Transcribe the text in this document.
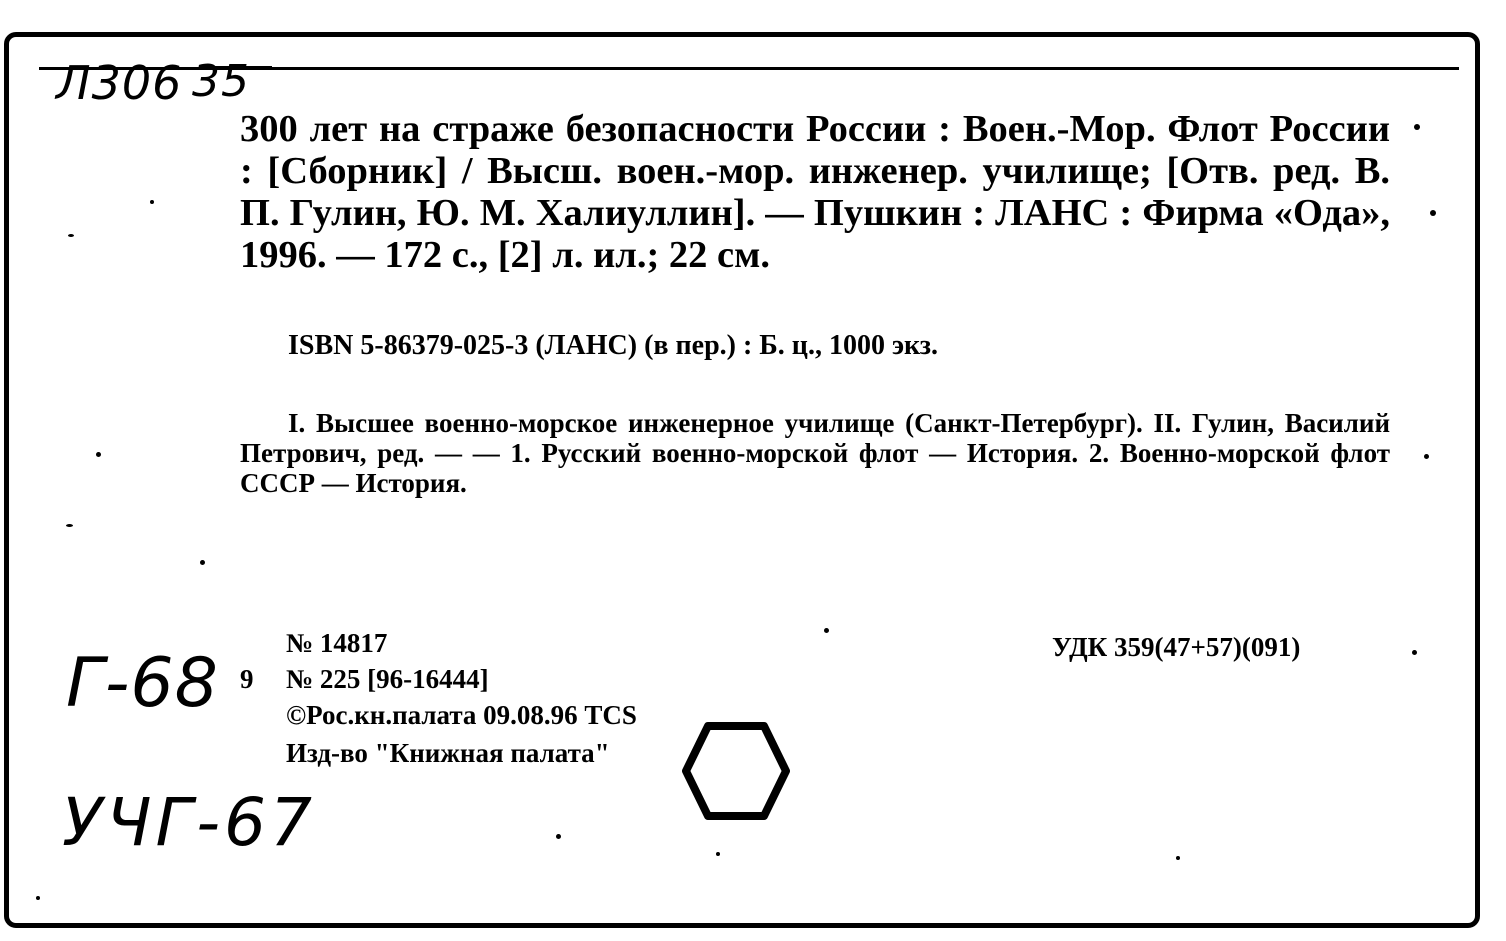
Л306 35
300 лет на страже безопасности России : Воен.-Мор. Флот России : [Сборник] / Высш. воен.-мор. инженер. училище; [Отв. ред. В. П. Гулин, Ю. М. Халиуллин]. — Пушкин : ЛАНС : Фирма «Ода», 1996. — 172 с., [2] л. ил.; 22 см.
ISBN 5-86379-025-3 (ЛАНС) (в пер.) : Б. ц., 1000 экз.
I. Высшее военно-морское инженерное училище (Санкт-Петербург). II. Гулин, Василий Петрович, ред. — — 1. Русский военно-морской флот — История. 2. Военно-морской флот СССР — История.
Г-68
№ 14817	УДК 359(47+57)(091)
9 № 225 [96-16444]
©Рос.кн.палата 09.08.96 ТСS
Изд-во "Книжная палата"
УЧГ-67
